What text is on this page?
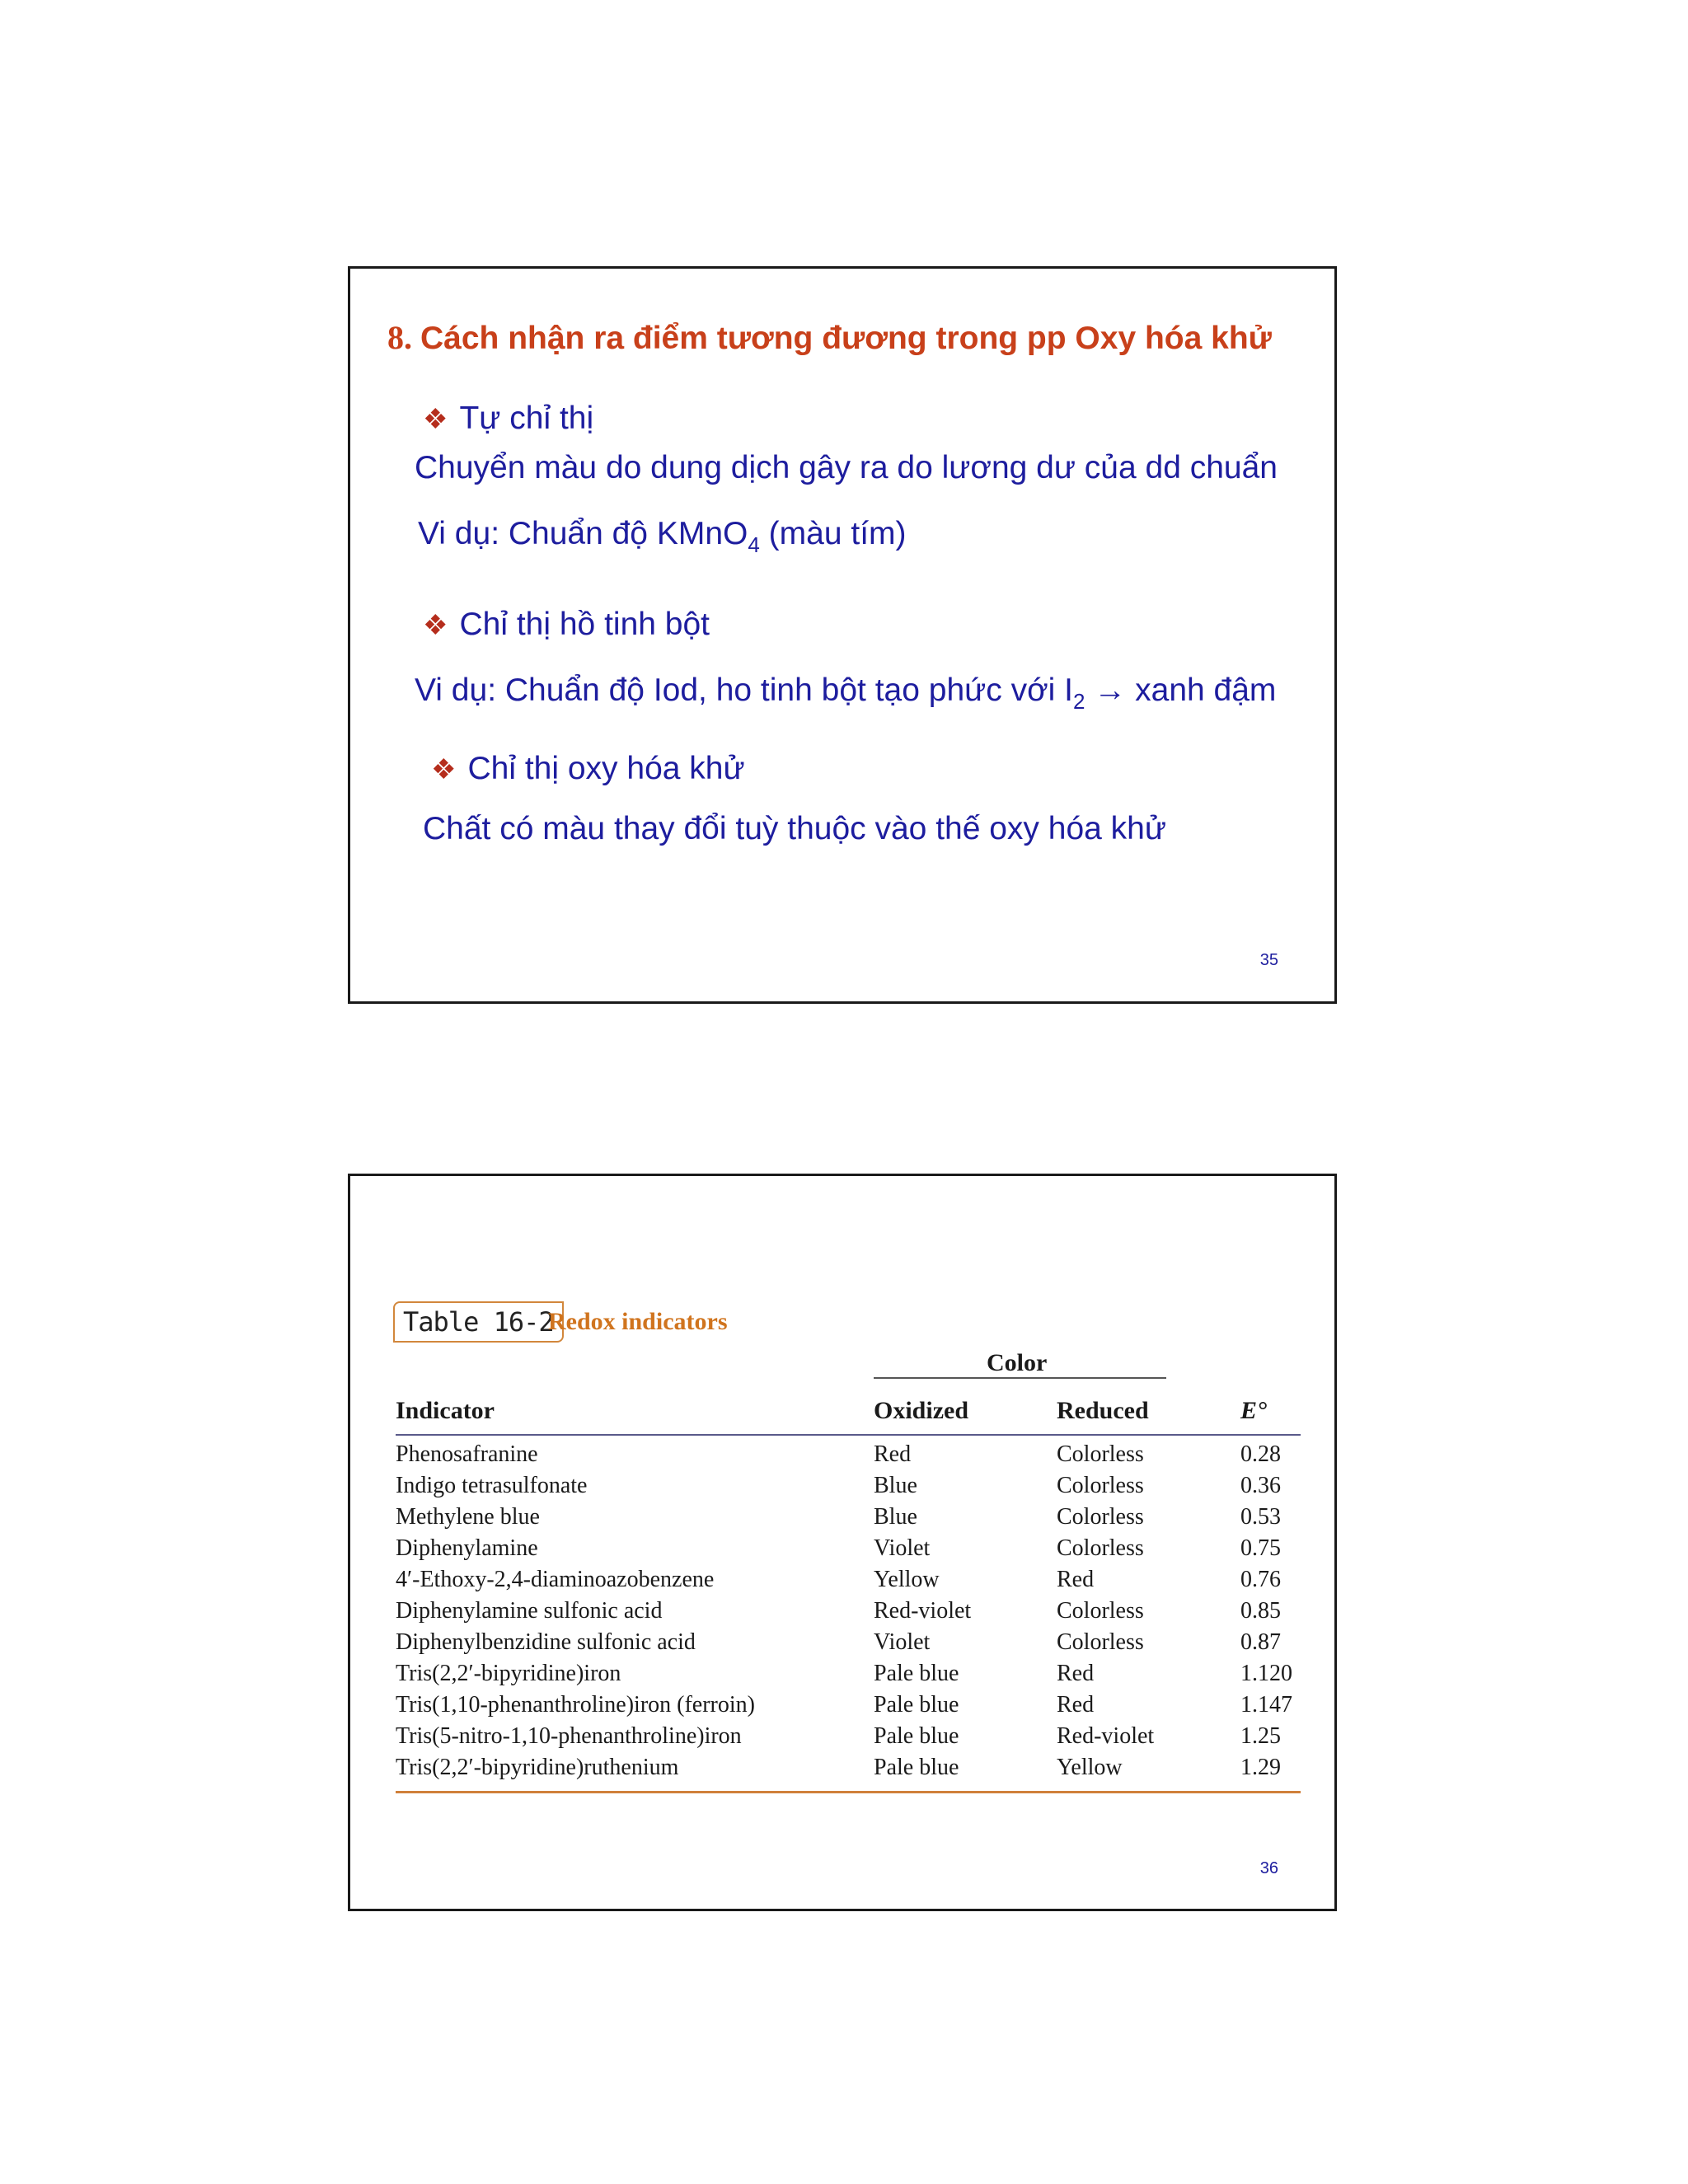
8. Cách nhận ra điểm tương đương trong pp Oxy hóa khử
❖ Tự chỉ thị
Chuyển màu do dung dịch gây ra do lương dư của dd chuẩn
Vi dụ: Chuẩn độ KMnO$_4$ (màu tím)
❖ Chỉ thị hồ tinh bột
Vi dụ: Chuẩn độ Iod, ho tinh bột tạo phức với $I_2$ → xanh đậm
❖ Chỉ thị oxy hóa khử
Chất có màu thay đổi tuỳ thuộc vào thế oxy hóa khử
35
Table 16-2
Redox indicators
Color
Indicator	Oxidized	Reduced	E°
Phenosafranine	Red	Colorless	0.28
Indigo tetrasulfonate	Blue	Colorless	0.36
Methylene blue	Blue	Colorless	0.53
Diphenylamine	Violet	Colorless	0.75
4′-Ethoxy-2,4-diaminoazobenzene	Yellow	Red	0.76
Diphenylamine sulfonic acid	Red-violet	Colorless	0.85
Diphenylbenzidine sulfonic acid	Violet	Colorless	0.87
Tris(2,2′-bipyridine)iron	Pale blue	Red	1.120
Tris(1,10-phenanthroline)iron (ferroin)	Pale blue	Red	1.147
Tris(5-nitro-1,10-phenanthroline)iron	Pale blue	Red-violet	1.25
Tris(2,2′-bipyridine)ruthenium	Pale blue	Yellow	1.29
36
